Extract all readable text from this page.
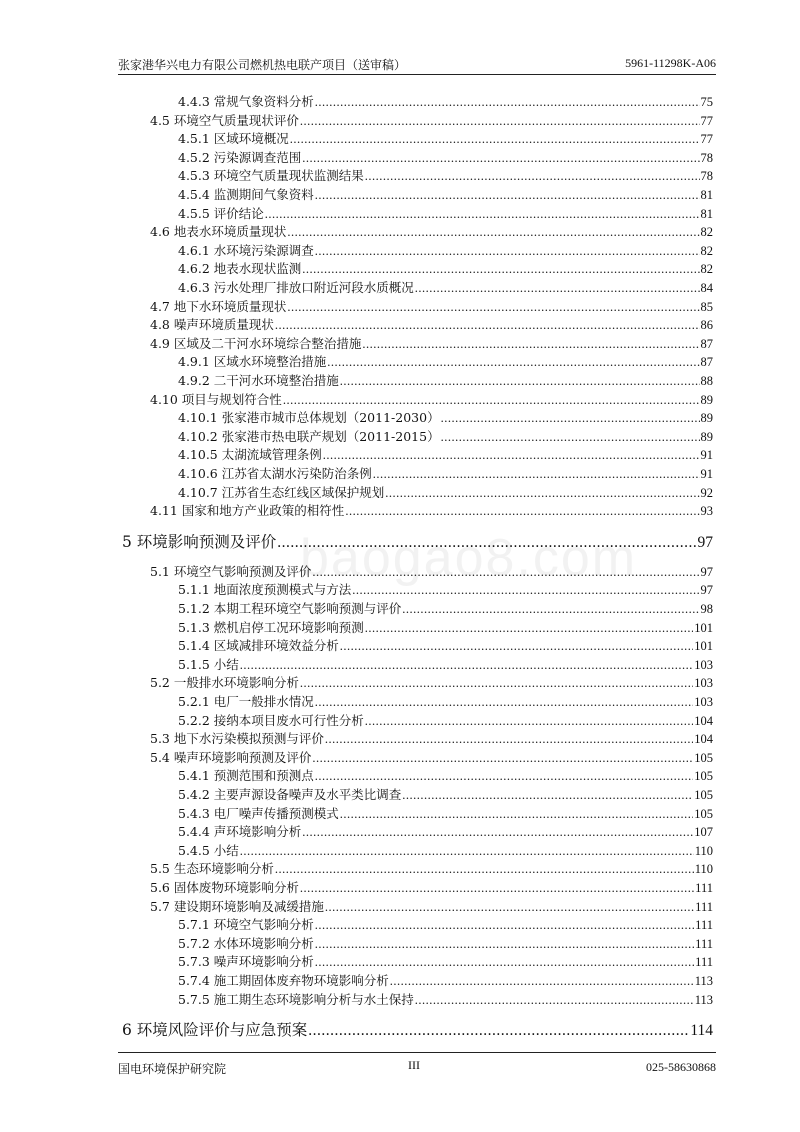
张家港华兴电力有限公司燃机热电联产项目（送审稿）	5961-11298K-A06
baogao8.com
4.4.3 常规气象资料分析 .....	75
4.5 环境空气质量现状评价 .....	77
4.5.1 区域环境概况 .....	77
4.5.2 污染源调查范围 .....	78
4.5.3 环境空气质量现状监测结果 .....	78
4.5.4 监测期间气象资料 .....	81
4.5.5 评价结论 .....	81
4.6 地表水环境质量现状 .....	82
4.6.1 水环境污染源调查 .....	82
4.6.2 地表水现状监测 .....	82
4.6.3 污水处理厂排放口附近河段水质概况 .....	84
4.7 地下水环境质量现状 .....	85
4.8 噪声环境质量现状 .....	86
4.9 区域及二干河水环境综合整治措施 .....	87
4.9.1 区域水环境整治措施 .....	87
4.9.2 二干河水环境整治措施 .....	88
4.10 项目与规划符合性 .....	89
4.10.1 张家港市城市总体规划（2011-2030） .....	89
4.10.2 张家港市热电联产规划（2011-2015） .....	89
4.10.5 太湖流域管理条例 .....	91
4.10.6 江苏省太湖水污染防治条例 .....	91
4.10.7 江苏省生态红线区域保护规划 .....	92
4.11 国家和地方产业政策的相符性 .....	93
5 环境影响预测及评价 .....	97
5.1 环境空气影响预测及评价 .....	97
5.1.1 地面浓度预测模式与方法 .....	97
5.1.2 本期工程环境空气影响预测与评价 .....	98
5.1.3 燃机启停工况环境影响预测 .....	101
5.1.4 区域减排环境效益分析 .....	101
5.1.5 小结 .....	103
5.2 一般排水环境影响分析 .....	103
5.2.1 电厂一般排水情况 .....	103
5.2.2 接纳本项目废水可行性分析 .....	104
5.3 地下水污染模拟预测与评价 .....	104
5.4 噪声环境影响预测及评价 .....	105
5.4.1 预测范围和预测点 .....	105
5.4.2 主要声源设备噪声及水平类比调查 .....	105
5.4.3 电厂噪声传播预测模式 .....	105
5.4.4 声环境影响分析 .....	107
5.4.5 小结 .....	110
5.5 生态环境影响分析 .....	110
5.6 固体废物环境影响分析 .....	111
5.7 建设期环境影响及减缓措施 .....	111
5.7.1 环境空气影响分析 .....	111
5.7.2 水体环境影响分析 .....	111
5.7.3 噪声环境影响分析 .....	111
5.7.4 施工期固体废弃物环境影响分析 .....	113
5.7.5 施工期生态环境影响分析与水土保持 .....	113
6 环境风险评价与应急预案 .....	114
国电环境保护研究院	III	025-58630868
